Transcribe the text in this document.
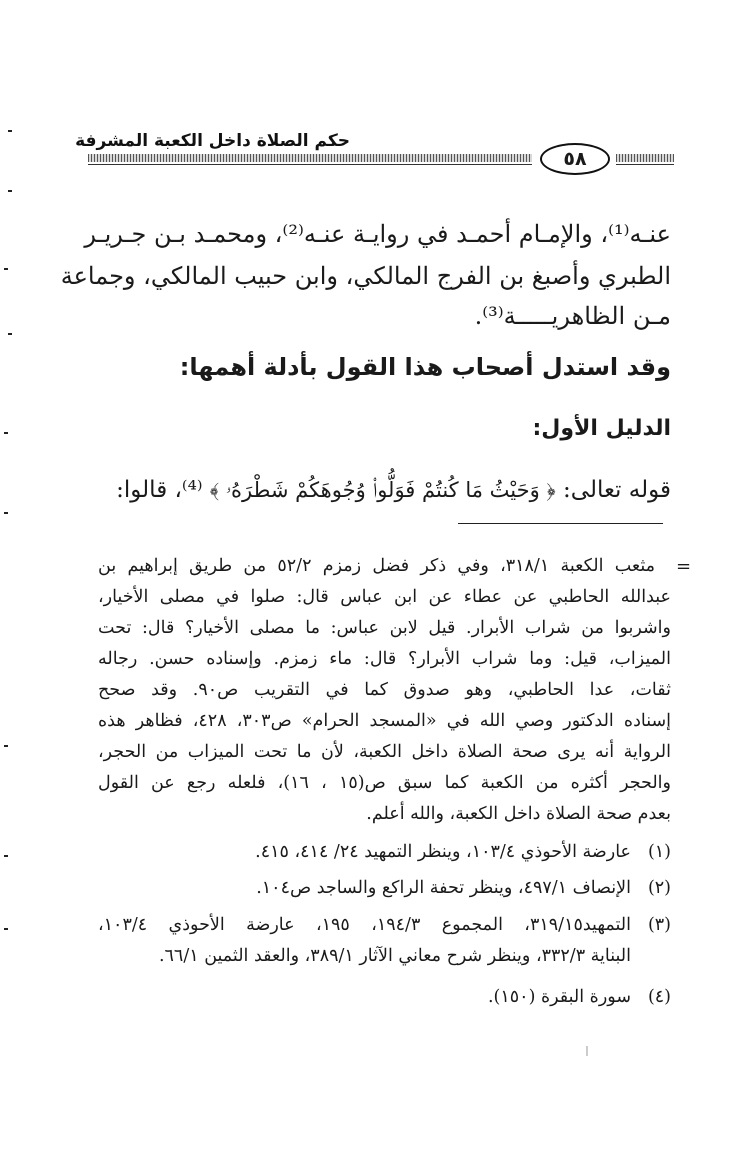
حكم الصلاة داخل الكعبة المشرفة
٥٨
عنـه⁽¹⁾، والإمـام أحمـد في روايـة عنـه⁽²⁾، ومحمـد بـن جـريـر
الطبري وأصبغ بن الفرج المالكي، وابن حبيب المالكي، وجماعة
مـن الظاهريـــــة⁽³⁾.
وقد استدل أصحاب هذا القول بأدلة أهمها:
الدليل الأول:
قوله تعالى: ﴿ وَحَيْثُ مَا كُنتُمْ فَوَلُّوا۟ وُجُوهَكُمْ شَطْرَهُۥ ﴾ ⁽⁴⁾، قالوا:
=
مثعب الكعبة ٣١٨/١، وفي ذكر فضل زمزم ٥٢/٢ من طريق إبراهيم بن
عبدالله الحاطبي عن عطاء عن ابن عباس قال: صلوا في مصلى الأخيار،
واشربوا من شراب الأبرار. قيل لابن عباس: ما مصلى الأخيار؟ قال: تحت
الميزاب، قيل: وما شراب الأبرار؟ قال: ماء زمزم. وإسناده حسن. رجاله
ثقات، عدا الحاطبي، وهو صدوق كما في التقريب ص٩٠. وقد صحح
إسناده الدكتور وصي الله في «المسجد الحرام» ص٣٠٣، ٤٢٨، فظاهر هذه
الرواية أنه يرى صحة الصلاة داخل الكعبة، لأن ما تحت الميزاب من الحجر،
والحجر أكثره من الكعبة كما سبق ص(١٥ ، ١٦)، فلعله رجع عن القول
بعدم صحة الصلاة داخل الكعبة، والله أعلم.
(١)
عارضة الأحوذي ١٠٣/٤، وينظر التمهيد ٢٤/ ٤١٤، ٤١٥.
(٢)
الإنصاف ٤٩٧/١، وينظر تحفة الراكع والساجد ص١٠٤.
(٣)
التمهيد٣١٩/١٥، المجموع ١٩٤/٣، ١٩٥، عارضة الأحوذي ١٠٣/٤،
البناية ٣٣٢/٣، وينظر شرح معاني الآثار ٣٨٩/١، والعقد الثمين ٦٦/١.
(٤)
سورة البقرة (١٥٠).
